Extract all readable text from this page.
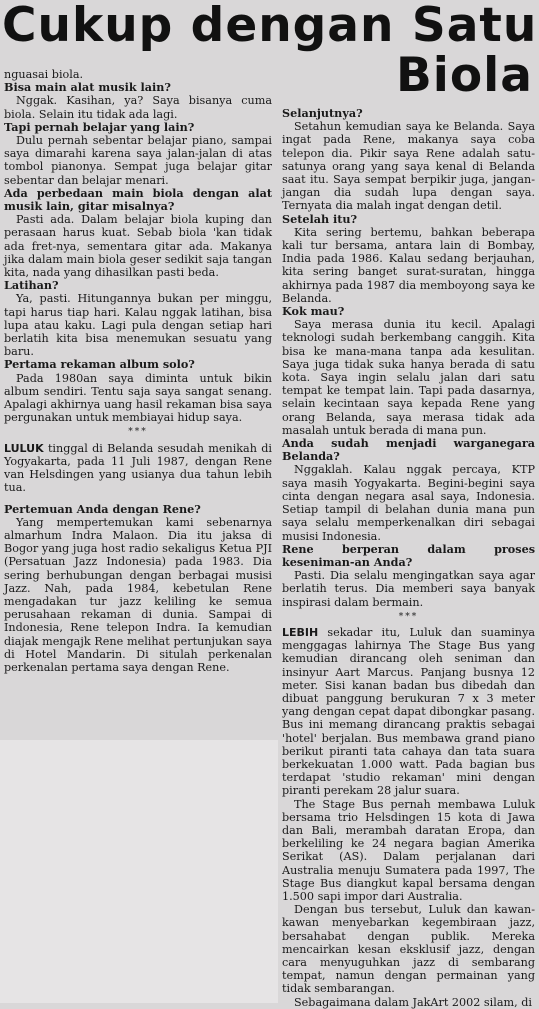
Cukup dengan Satu
Biola

nguasai biola.

Bisa main alat musik lain?

Nggak. Kasihan, ya? Saya bisanya cuma biola. Selain itu tidak ada lagi.

Tapi pernah belajar yang lain?

Dulu pernah sebentar belajar piano, sampai saya dimarahi karena saya jalan-jalan di atas tombol pianonya. Sempat juga belajar gitar sebentar dan belajar menari.

Ada perbedaan main biola dengan alat musik lain, gitar misalnya?

Pasti ada. Dalam belajar biola kuping dan perasaan harus kuat. Sebab biola 'kan tidak ada fret-nya, sementara gitar ada. Makanya jika dalam main biola geser sedikit saja tangan kita, nada yang dihasilkan pasti beda.

Latihan?

Ya, pasti. Hitungannya bukan per minggu, tapi harus tiap hari. Kalau nggak latihan, bisa lupa atau kaku. Lagi pula dengan setiap hari berlatih kita bisa menemukan sesuatu yang baru.

Pertama rekaman album solo?

Pada 1980an saya diminta untuk bikin album sendiri. Tentu saja saya sangat senang. Apalagi akhirnya uang hasil rekaman bisa saya pergunakan untuk membiayai hidup saya.

***

LULUK tinggal di Belanda sesudah menikah di Yogyakarta, pada 11 Juli 1987, dengan Rene van Helsdingen yang usianya dua tahun lebih tua.

Pertemuan Anda dengan Rene?

Yang mempertemukan kami sebenarnya almarhum Indra Malaon. Dia itu jaksa di Bogor yang juga host radio sekaligus Ketua PJI (Persatuan Jazz Indonesia) pada 1983. Dia sering berhubungan dengan berbagai musisi Jazz. Nah, pada 1984, kebetulan Rene mengadakan tur jazz keliling ke semua perusahaan rekaman di dunia. Sampai di Indonesia, Rene telepon Indra. Ia kemudian diajak mengajk Rene melihat pertunjukan saya di Hotel Mandarin. Di situlah perkenalan perkenalan pertama saya dengan Rene.

Selanjutnya?

Setahun kemudian saya ke Belanda. Saya ingat pada Rene, makanya saya coba telepon dia. Pikir saya Rene adalah satu-satunya orang yang saya kenal di Belanda saat itu. Saya sempat berpikir juga, jangan-jangan dia sudah lupa dengan saya. Ternyata dia malah ingat dengan detil.

Setelah itu?

Kita sering bertemu, bahkan beberapa kali tur bersama, antara lain di Bombay, India pada 1986. Kalau sedang berjauhan, kita sering banget surat-suratan, hingga akhirnya pada 1987 dia memboyong saya ke Belanda.

Kok mau?

Saya merasa dunia itu kecil. Apalagi teknologi sudah berkembang canggih. Kita bisa ke mana-mana tanpa ada kesulitan. Saya juga tidak suka hanya berada di satu kota. Saya ingin selalu jalan dari satu tempat ke tempat lain. Tapi pada dasarnya, selain kecintaan saya kepada Rene yang orang Belanda, saya merasa tidak ada masalah untuk berada di mana pun.

Anda sudah menjadi warganegara Belanda?

Nggaklah. Kalau nggak percaya, KTP saya masih Yogyakarta. Begini-begini saya cinta dengan negara asal saya, Indonesia. Setiap tampil di belahan dunia mana pun saya selalu memperkenalkan diri sebagai musisi Indonesia.

Rene berperan dalam proses keseniman-an Anda?

Pasti. Dia selalu mengingatkan saya agar berlatih terus. Dia memberi saya banyak inspirasi dalam bermain.

***

LEBIH sekadar itu, Luluk dan suaminya menggagas lahirnya The Stage Bus yang kemudian dirancang oleh seniman dan insinyur Aart Marcus. Panjang busnya 12 meter. Sisi kanan badan bus dibedah dan dibuat panggung berukuran 7 x 3 meter yang dengan cepat dapat dibongkar pasang. Bus ini memang dirancang praktis sebagai 'hotel' berjalan. Bus membawa grand piano berikut piranti tata cahaya dan tata suara berkekuatan 1.000 watt. Pada bagian bus terdapat 'studio rekaman' mini dengan piranti perekam 28 jalur suara.

The Stage Bus pernah membawa Luluk bersama trio Helsdingen 15 kota di Jawa dan Bali, merambah daratan Eropa, dan berkeliling ke 24 negara bagian Amerika Serikat (AS). Dalam perjalanan dari Australia menuju Sumatera pada 1997, The Stage Bus diangkut kapal bersama dengan 1.500 sapi impor dari Australia.

Dengan bus tersebut, Luluk dan kawan-kawan menyebarkan kegembiraan jazz, bersahabat dengan publik. Mereka mencairkan kesan eksklusif jazz, dengan cara menyuguhkan jazz di sembarang tempat, namun dengan permainan yang tidak sembarangan.

Sebagaimana dalam JakArt 2002 silam, di
